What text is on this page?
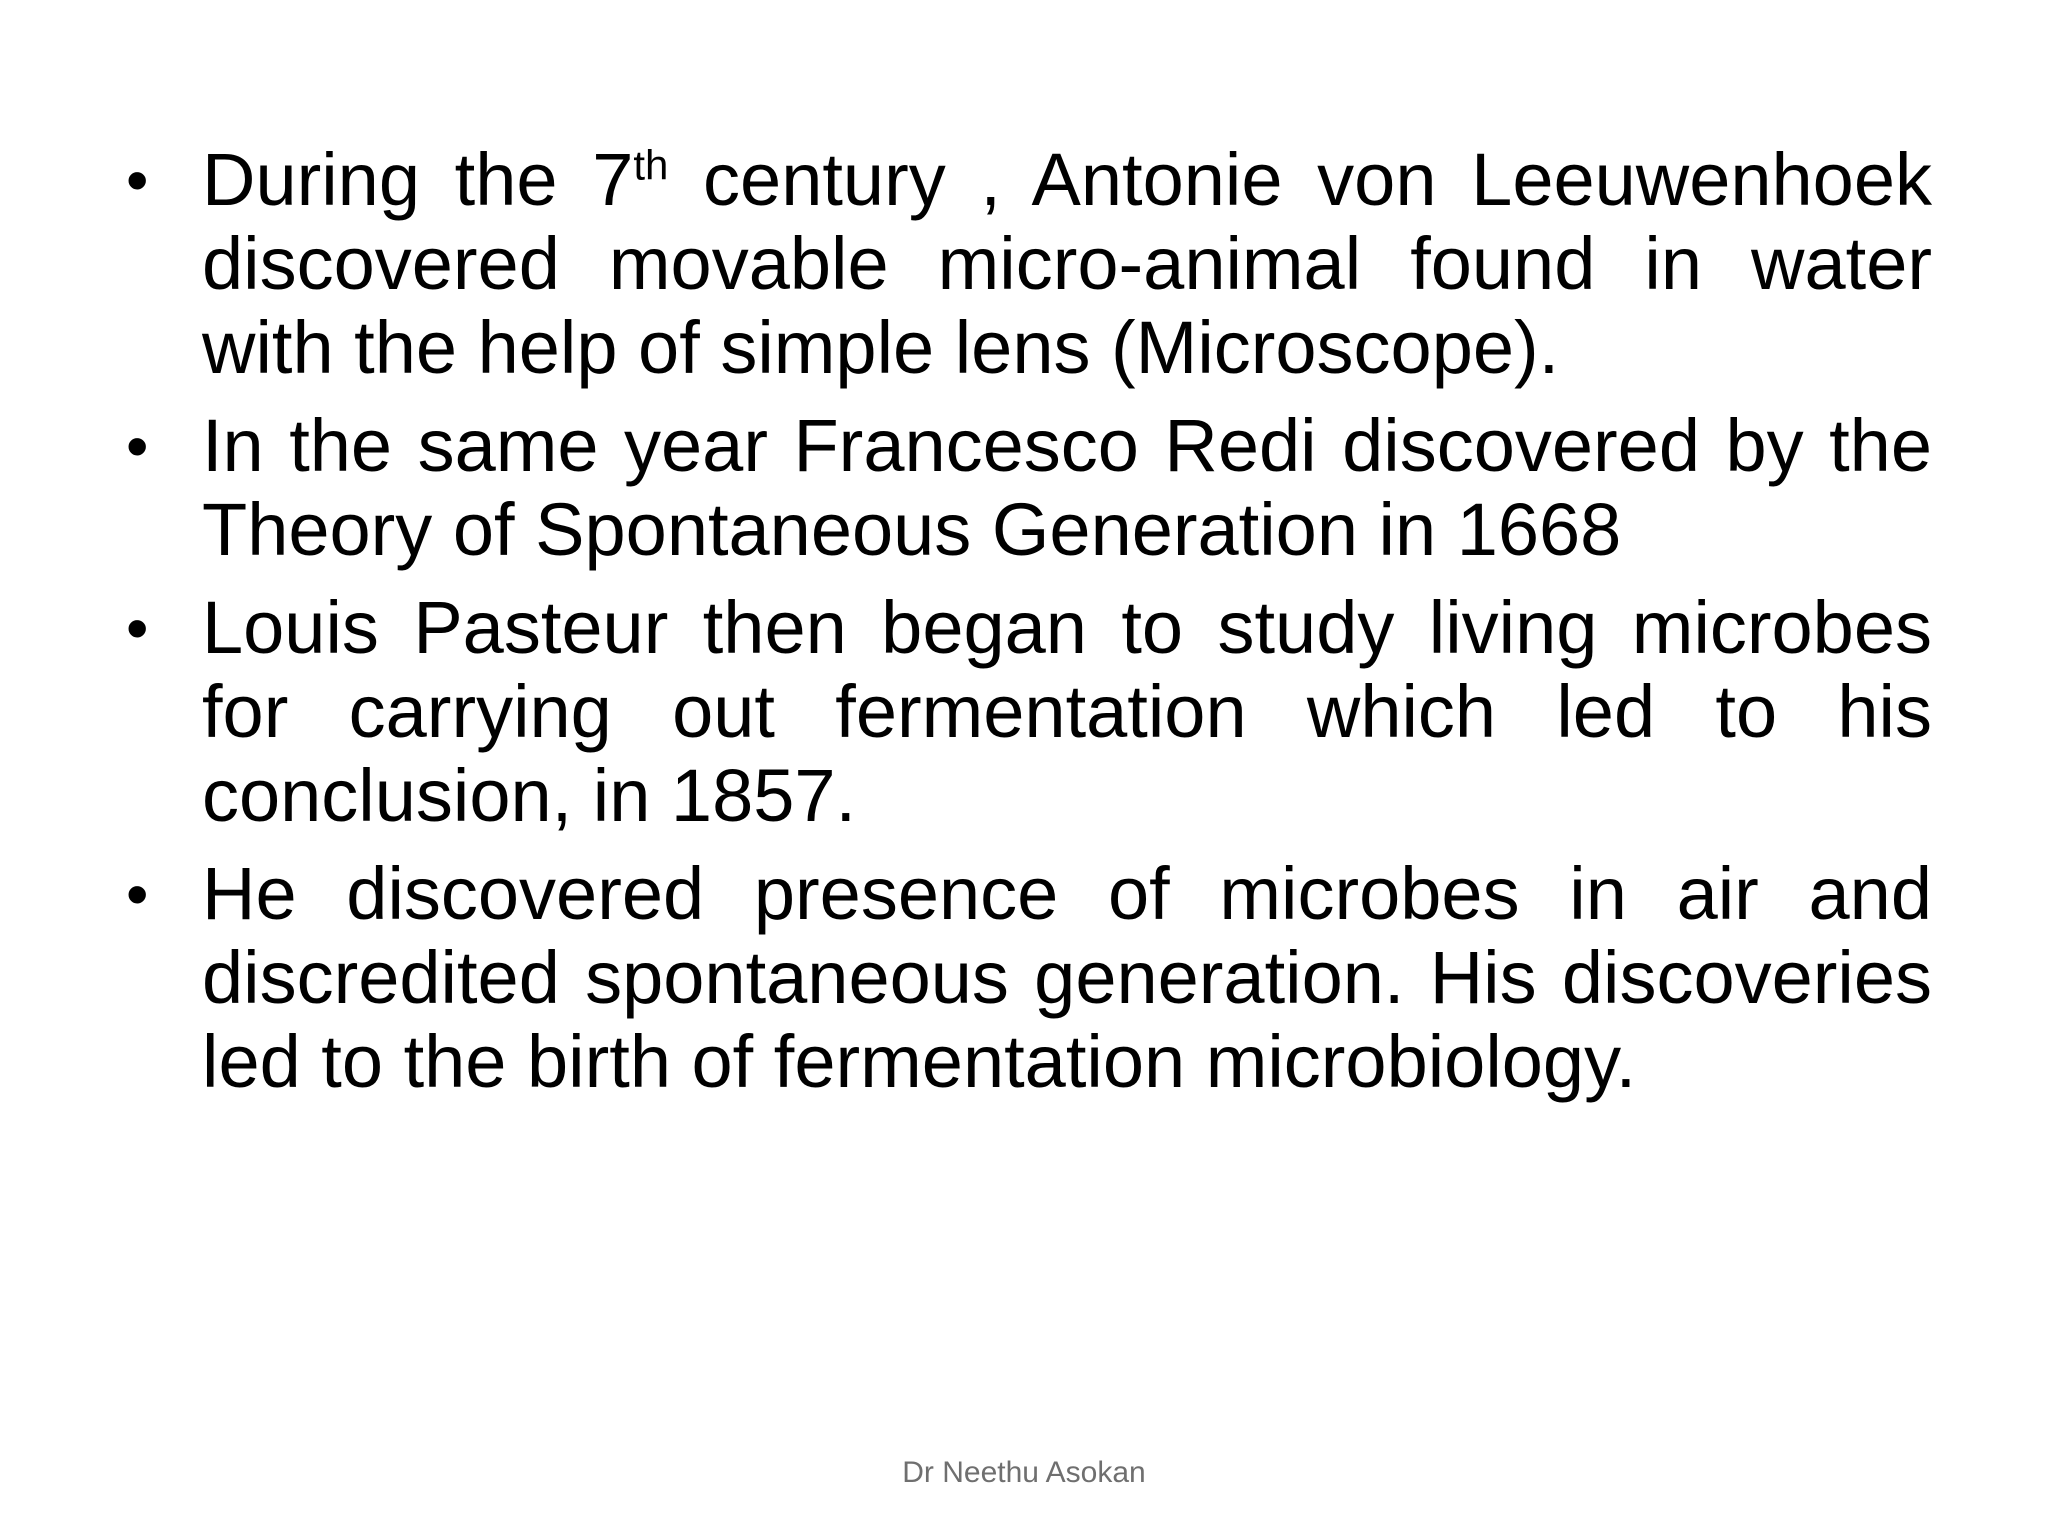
• During the 7th century , Antonie von Leeuwenhoek discovered movable micro-animal found in water with the help of simple lens (Microscope).
• In the same year Francesco Redi discovered by the Theory of Spontaneous Generation in 1668
• Louis Pasteur then began to study living microbes for carrying out fermentation which led to his conclusion, in 1857.
• He discovered presence of microbes in air and discredited spontaneous generation. His discoveries led to the birth of fermentation microbiology.
Dr Neethu Asokan
